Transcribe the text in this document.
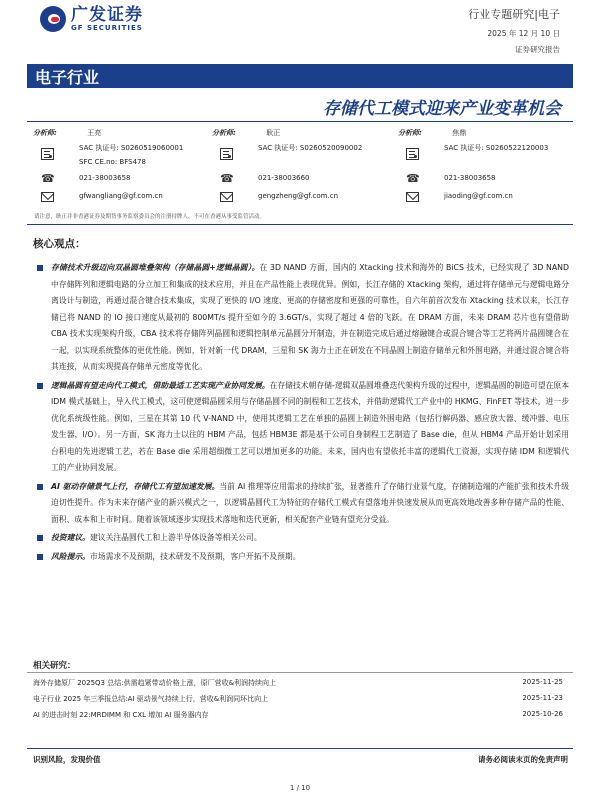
广发证券
GF SECURITIES
行业专题研究|电子
2025 年 12 月 10 日
证券研究报告
电子行业
存储代工模式迎来产业变革机会
分析师:	王亮
SAC 执证号: S0260519060001
SFC CE.no: BFS478
☎	021-38003658
gfwangliang@gf.com.cn
分析师:	耿正
SAC 执证号: S0260520090002
☎	021-38003660
gengzheng@gf.com.cn
分析师:	焦鼎
SAC 执证号: S0260522120003
☎	021-38003658
jiaoding@gf.com.cn
请注意，耿正并非香港证券及期货事务监察委员会的注册持牌人，不可在香港从事受监管活动。
核心观点：
存储技术升级迈向双晶圆堆叠架构（存储晶圆+逻辑晶圆）。在 3D NAND 方面，国内的 Xtacking 技术和海外的 BiCS 技术，已经实现了 3D NAND 中存储阵列和逻辑电路的分立加工和集成的技术应用，并且在产品性能上表现优异。例如，长江存储的 Xtacking 架构，通过将存储单元与逻辑电路分离设计与制造，再通过混合键合技术集成，实现了更快的 I/O 速度、更高的存储密度和更强的可靠性，自六年前首次发布 Xtacking 技术以来，长江存储已将 NAND 的 IO 接口速度从最初的 800MT/s 提升至如今的 3.6GT/s，实现了超过 4 倍的飞跃。在 DRAM 方面，未来 DRAM 芯片也有望借助 CBA 技术实现架构升级，CBA 技术将存储阵列晶圆和逻辑控制单元晶圆分开制造，并在制造完成后通过熔融键合或混合键合等工艺将两片晶圆键合在一起，以实现系统整体的更优性能。例如，针对新一代 DRAM，三星和 SK 海力士正在研发在不同晶圆上制造存储单元和外围电路，并通过混合键合将其连接，从而实现提高存储单元密度等优化。
逻辑晶圆有望走向代工模式，借助最适工艺实现产业协同发展。在存储技术朝存储-逻辑双晶圆堆叠迭代架构升级的过程中，逻辑晶圆的制造可望在原本 IDM 模式基础上，导入代工模式，这可使逻辑晶圆采用与存储晶圆不同的制程和工艺技术，并借助逻辑代工产业中的 HKMG、FinFET 等技术，进一步优化系统级性能。例如，三星在其第 10 代 V-NAND 中，使用其逻辑工艺在单独的晶圆上制造外围电路（包括行解码器、感应放大器、缓冲器、电压发生器，I/O）。另一方面，SK 海力士以往的 HBM 产品，包括 HBM3E 都是基于公司自身制程工艺制造了 Base die，但从 HBM4 产品开始计划采用台积电的先进逻辑工艺，若在 Base die 采用超细微工艺可以增加更多的功能。未来，国内也有望依托丰富的逻辑代工资源，实现存储 IDM 和逻辑代工的产业协同发展。
AI 驱动存储景气上行，存储代工有望加速发展。当前 AI 推理等应用需求的持续扩张，显著推升了存储行业景气度，存储制造端的产能扩张和技术升级迫切性提升。作为未来存储产业的新兴模式之一，以逻辑晶圆代工为特征的存储代工模式有望落地并快速发展从而更高效地改善多种存储产品的性能、面积、成本和上市时间。随着该领域逐步实现技术落地和迭代更新，相关配套产业链有望充分受益。
投资建议。建议关注晶圆代工和上游半导体设备等相关公司。
风险提示。市场需求不及预期，技术研发不及预期，客户开拓不及预期。
相关研究：
海外存储原厂 2025Q3 总结:供需趋紧带动价格上涨，原厂营收&利润持续向上	2025-11-25
电子行业 2025 年三季报总结:AI 驱动景气持续上行，营收&利润同环比向上	2025-11-23
AI 的进击时刻 22:MRDIMM 和 CXL 增加 AI 服务器内存	2025-10-26
识别风险，发现价值	请务必阅读末页的免责声明
1 / 10
